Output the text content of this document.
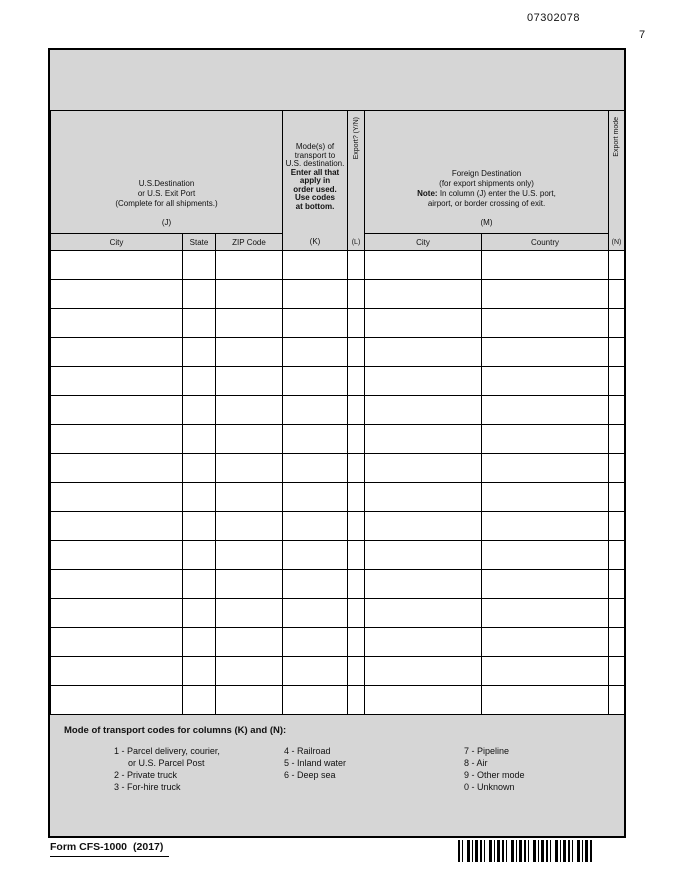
07302078
7
U.S.Destination
or U.S. Exit Port
(Complete for all shipments.)
(J)

Mode(s) of
transport to
U.S. destination.
Enter all that
apply in
order used.
Use codes
at bottom.
(K)

Export? (Y/N)
(L)

Foreign Destination
(for export shipments only)
Note: In column (J) enter the U.S. port,
airport, or border crossing of exit.
(M)

Export mode
(N)

City	State	ZIP Code			City	Country	

Mode of transport codes for columns (K) and (N):
1 - Parcel delivery, courier,
or U.S. Parcel Post
2 - Private truck
3 - For-hire truck
4 - Railroad
5 - Inland water
6 - Deep sea
7 - Pipeline
8 - Air
9 - Other mode
0 - Unknown
Form CFS-1000 (2017)
